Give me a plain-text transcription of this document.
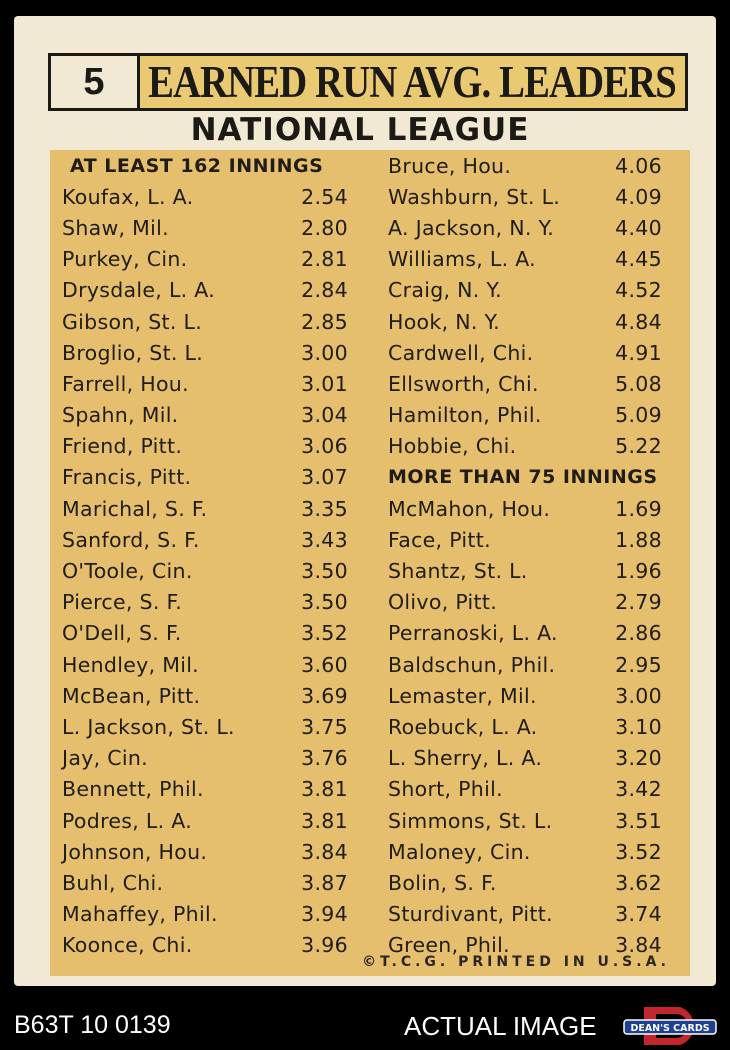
5 EARNED RUN AVG. LEADERS
NATIONAL LEAGUE
AT LEAST 162 INNINGS
Koufax, L. A.	2.54
Shaw, Mil.	2.80
Purkey, Cin.	2.81
Drysdale, L. A.	2.84
Gibson, St. L.	2.85
Broglio, St. L.	3.00
Farrell, Hou.	3.01
Spahn, Mil.	3.04
Friend, Pitt.	3.06
Francis, Pitt.	3.07
Marichal, S. F.	3.35
Sanford, S. F.	3.43
O'Toole, Cin.	3.50
Pierce, S. F.	3.50
O'Dell, S. F.	3.52
Hendley, Mil.	3.60
McBean, Pitt.	3.69
L. Jackson, St. L.	3.75
Jay, Cin.	3.76
Bennett, Phil.	3.81
Podres, L. A.	3.81
Johnson, Hou.	3.84
Buhl, Chi.	3.87
Mahaffey, Phil.	3.94
Koonce, Chi.	3.96
Bruce, Hou.	4.06
Washburn, St. L.	4.09
A. Jackson, N. Y.	4.40
Williams, L. A.	4.45
Craig, N. Y.	4.52
Hook, N. Y.	4.84
Cardwell, Chi.	4.91
Ellsworth, Chi.	5.08
Hamilton, Phil.	5.09
Hobbie, Chi.	5.22
MORE THAN 75 INNINGS
McMahon, Hou.	1.69
Face, Pitt.	1.88
Shantz, St. L.	1.96
Olivo, Pitt.	2.79
Perranoski, L. A.	2.86
Baldschun, Phil.	2.95
Lemaster, Mil.	3.00
Roebuck, L. A.	3.10
L. Sherry, L. A.	3.20
Short, Phil.	3.42
Simmons, St. L.	3.51
Maloney, Cin.	3.52
Bolin, S. F.	3.62
Sturdivant, Pitt.	3.74
Green, Phil.	3.84
©T.C.G. PRINTED IN U.S.A.
B63T 10 0139	ACTUAL IMAGE	DEAN'S CARDS
